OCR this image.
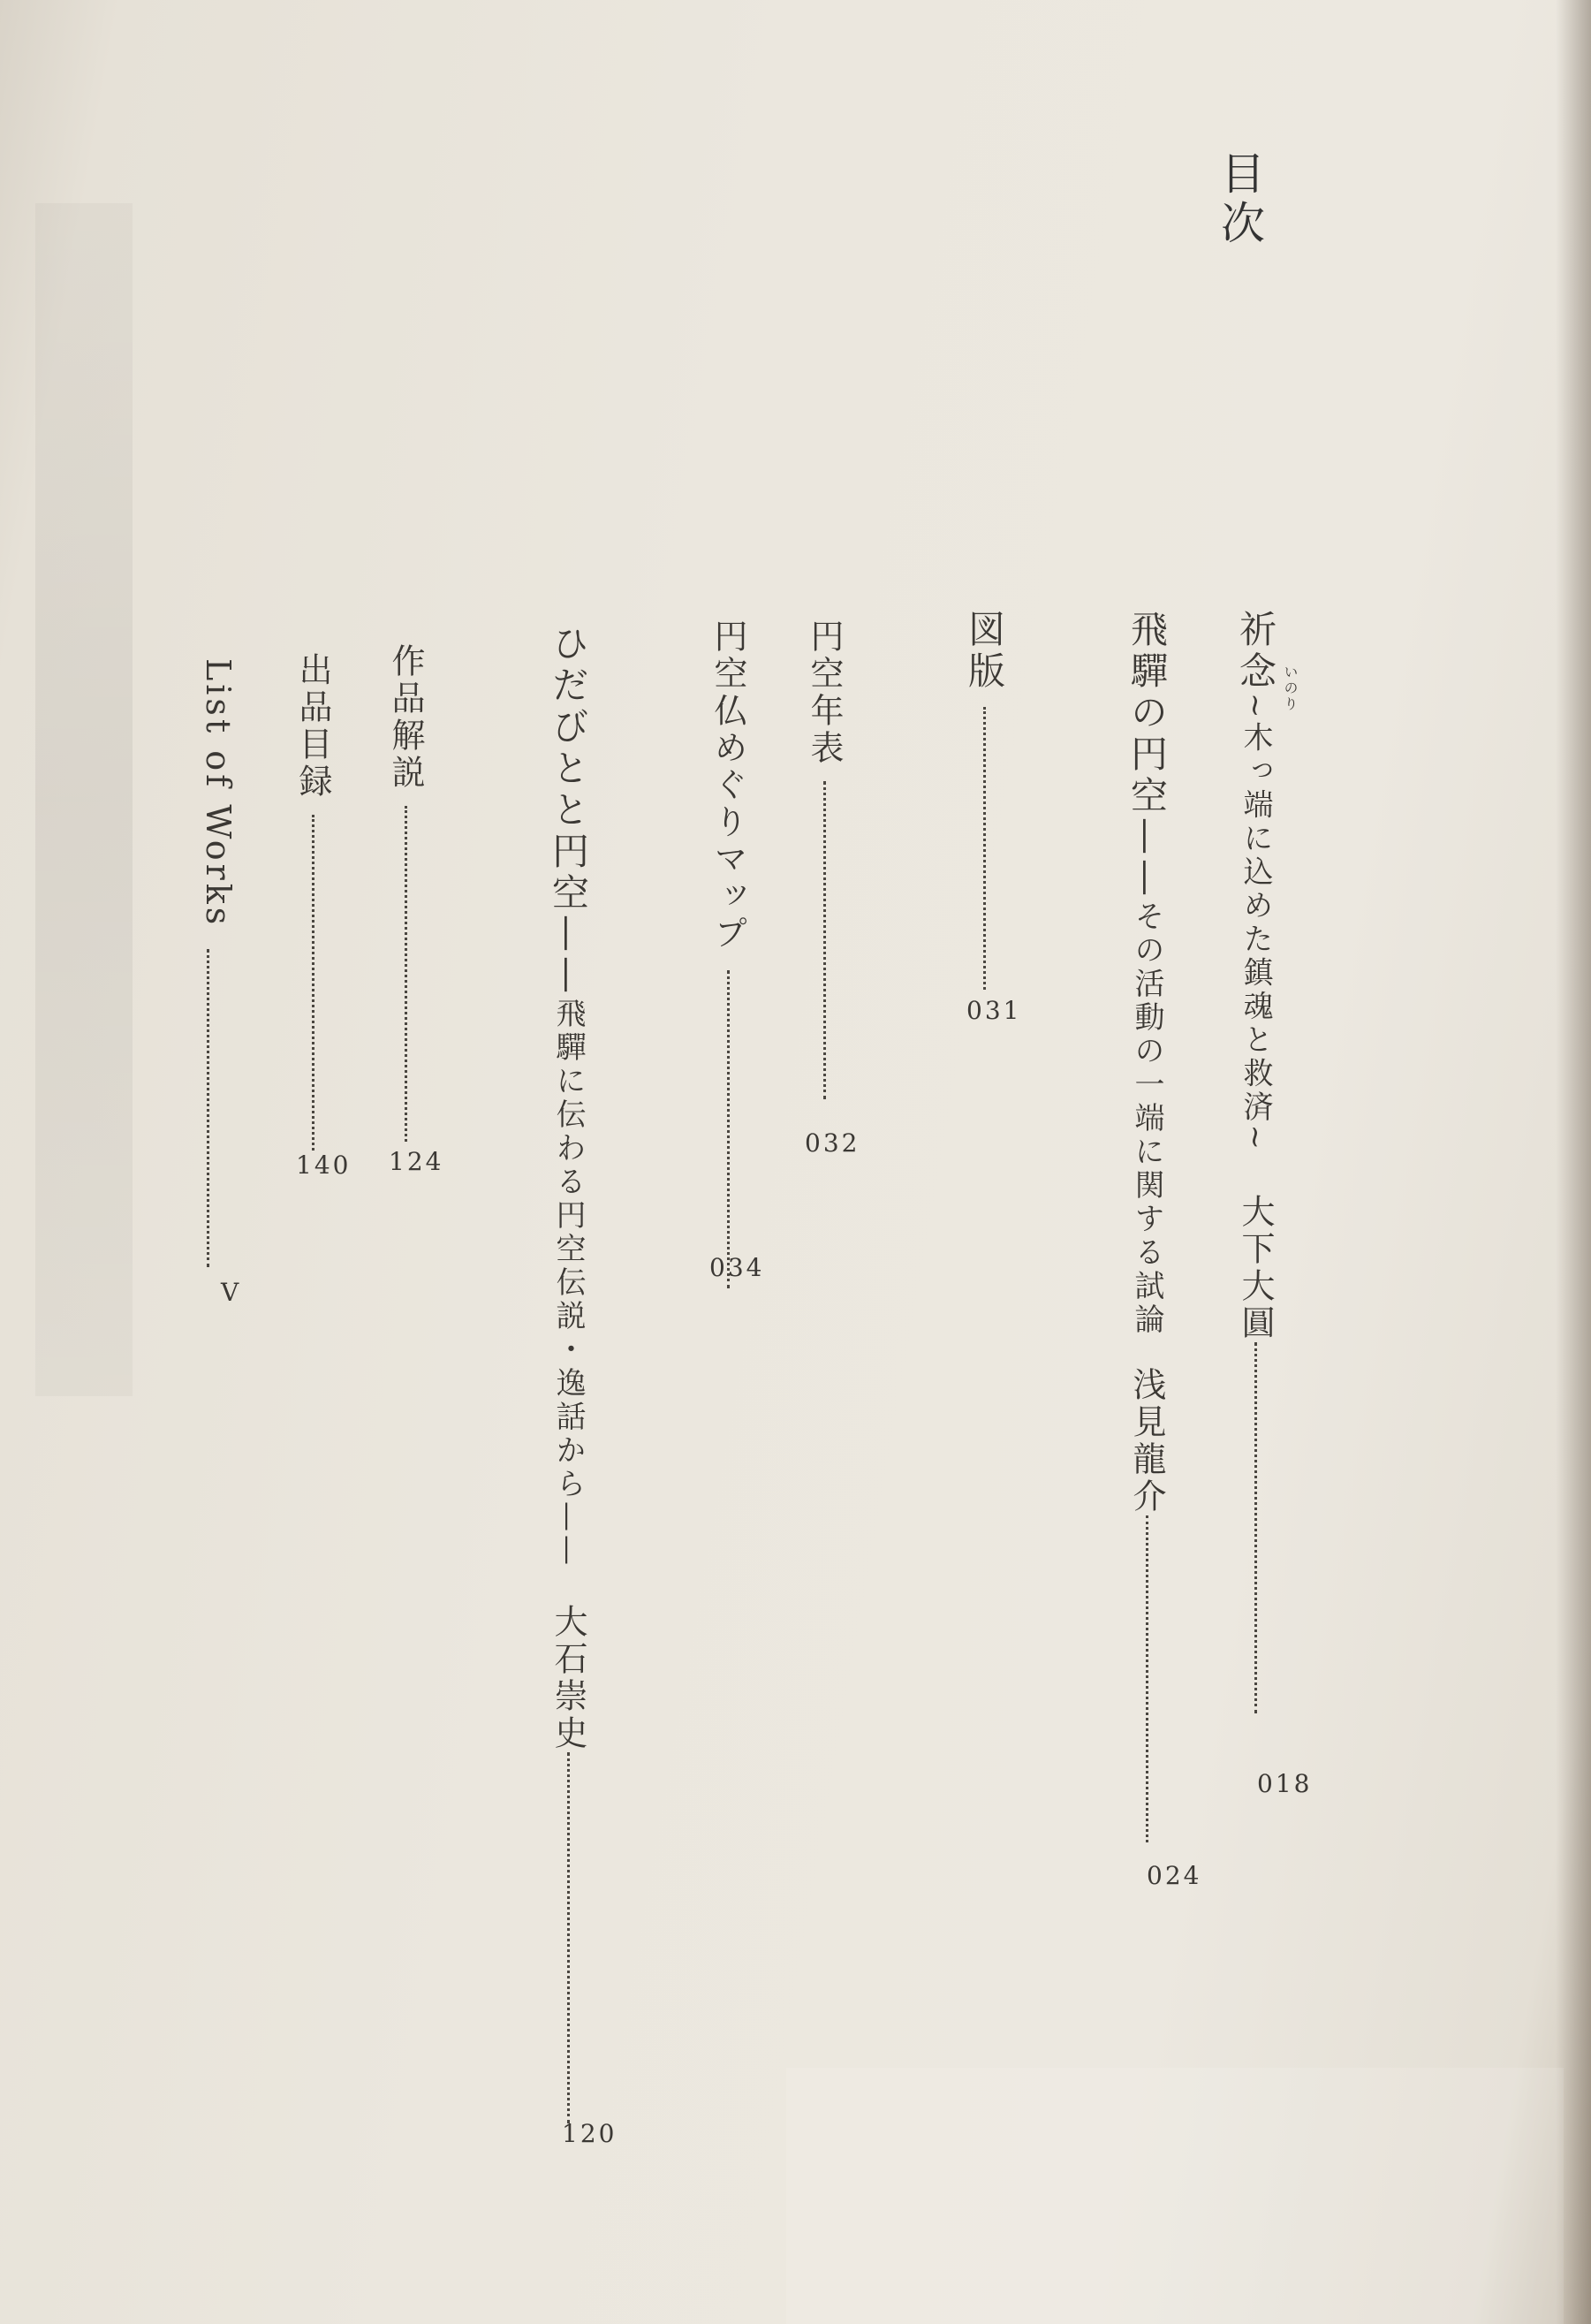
目次
祈念~木っ端に込めた鎮魂と救済~大下大圓
いのり
018
飛驒の円空——その活動の一端に関する試論浅見龍介
024
図版
031
円空年表
032
円空仏めぐりマップ
034
ひだびとと円空——飛驒に伝わる円空伝説・逸話から——大石崇史
120
作品解説
124
出品目録
140
List of Works
V
